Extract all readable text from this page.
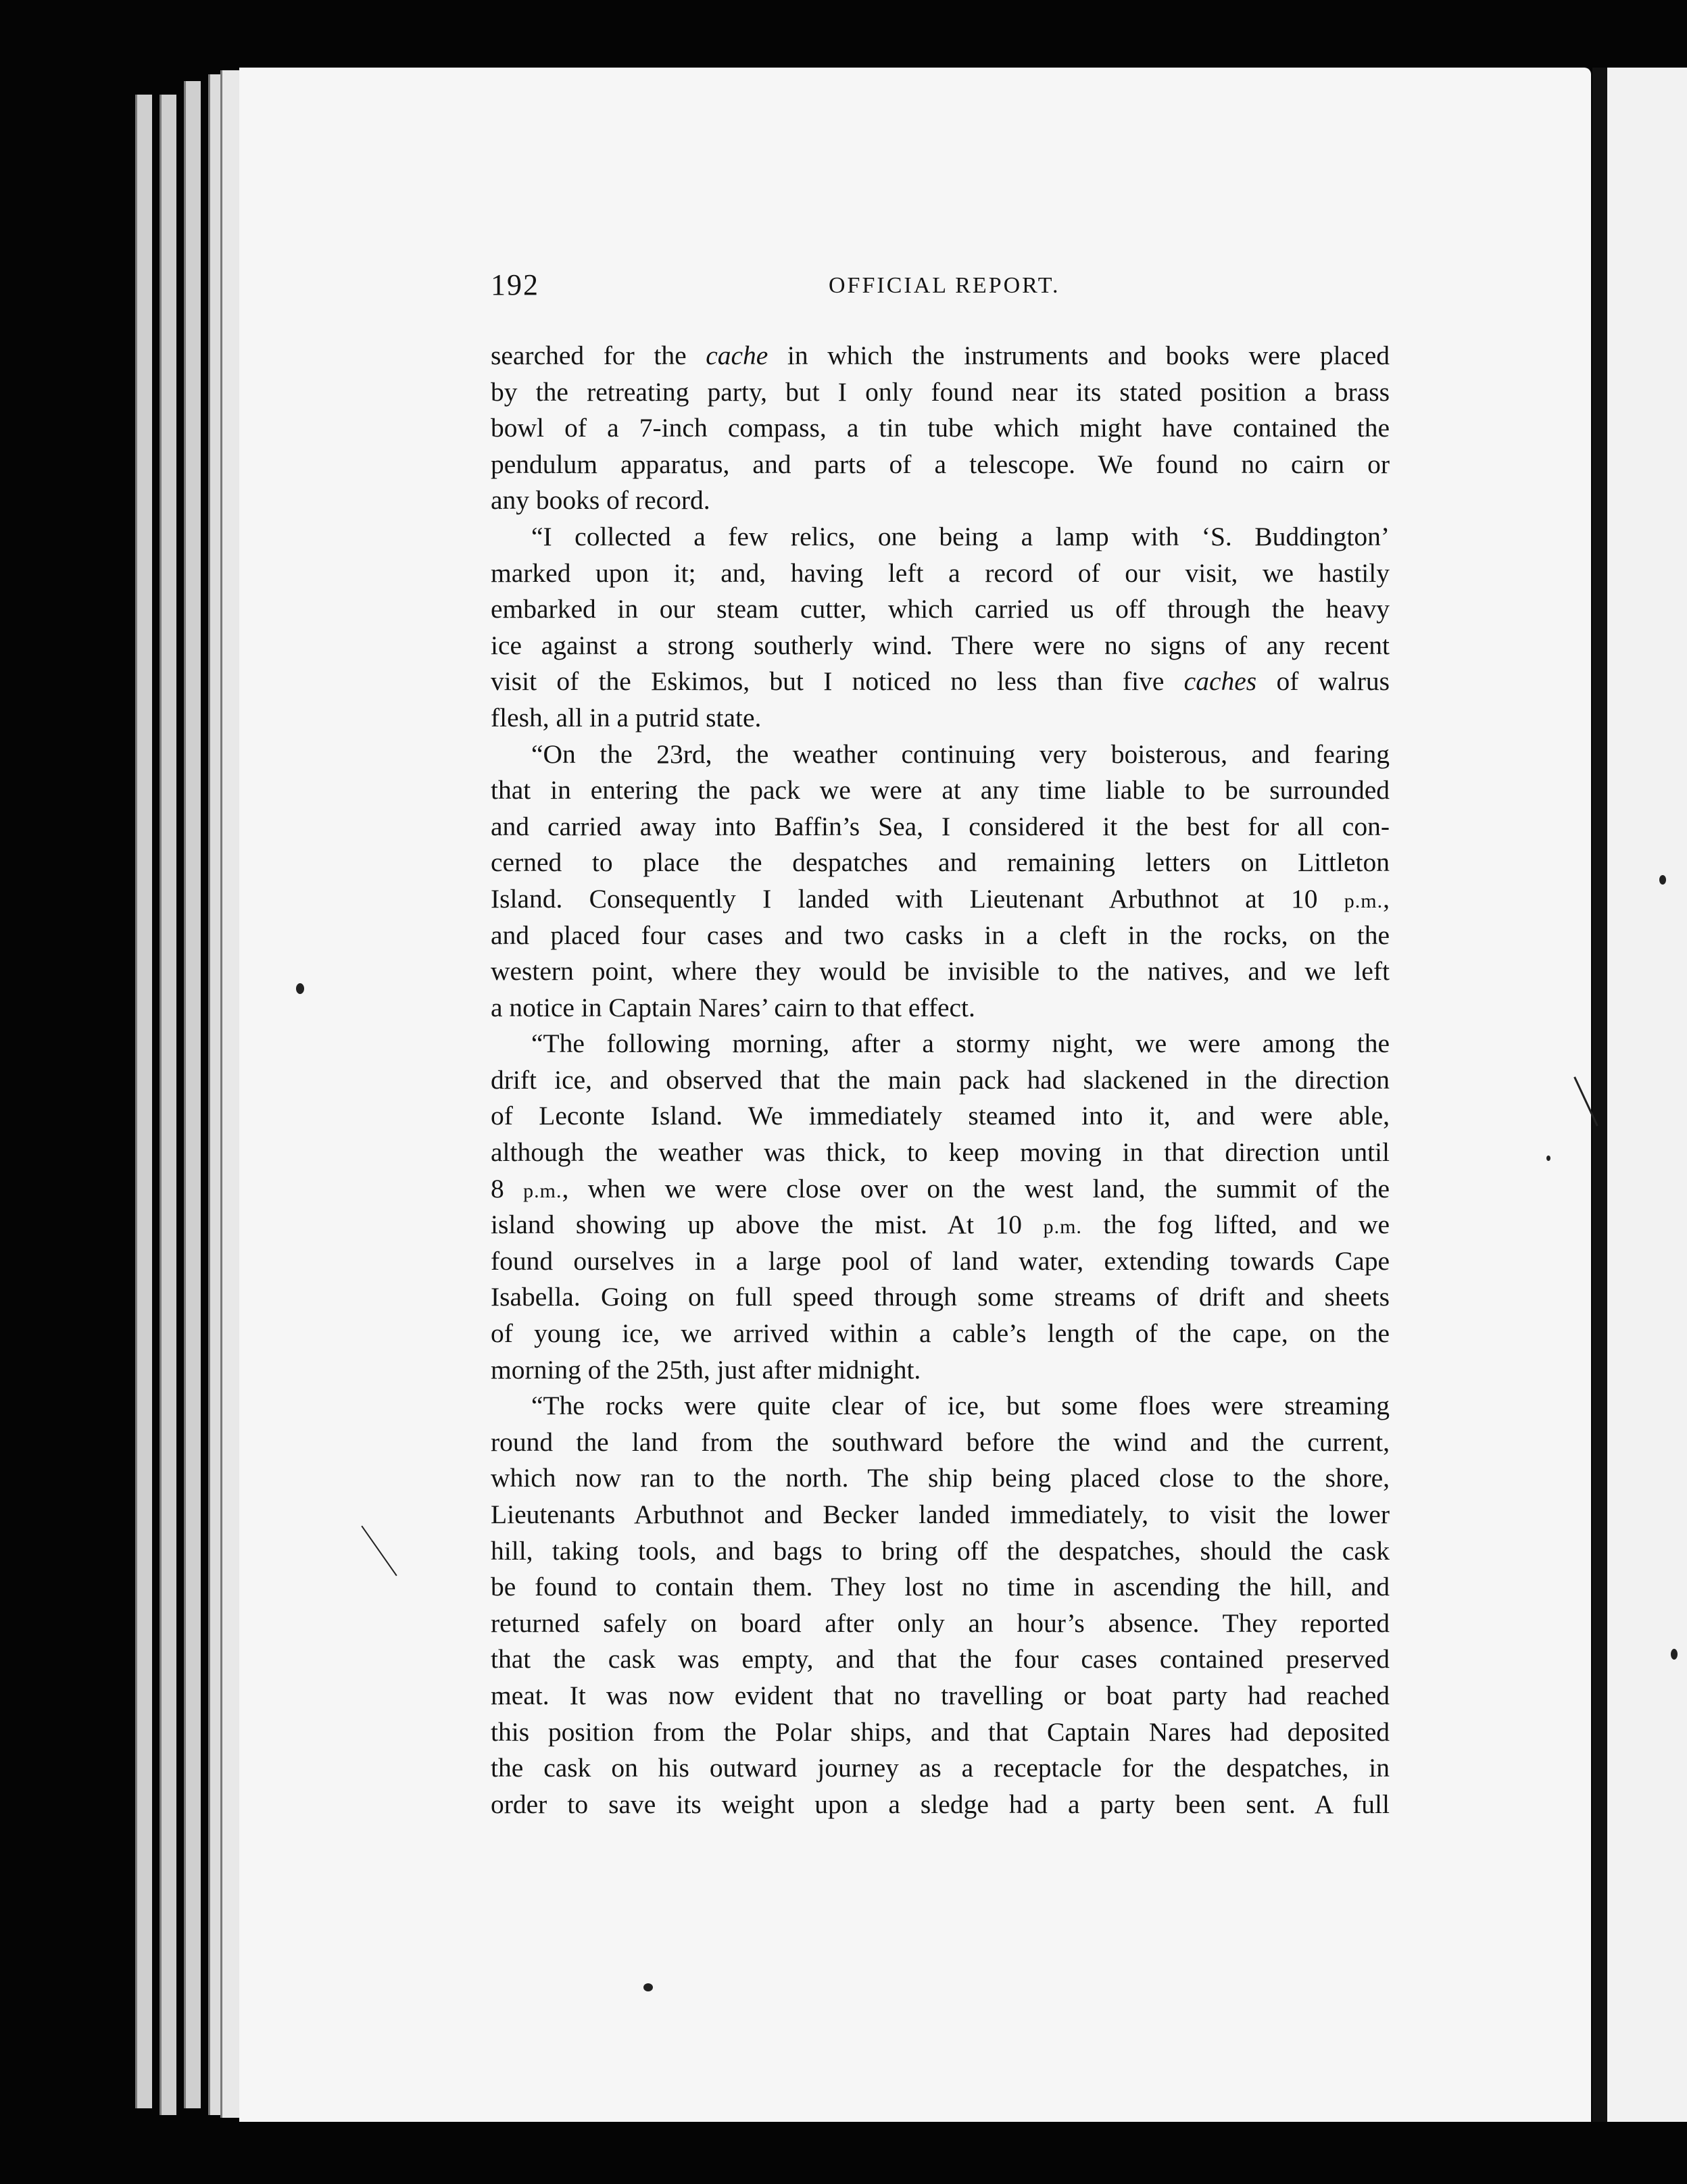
192	OFFICIAL REPORT.
searched for the cache in which the instruments and books were placed
by the retreating party, but I only found near its stated position a brass
bowl of a 7-inch compass, a tin tube which might have contained the
pendulum apparatus, and parts of a telescope. We found no cairn or
any books of record.
“I collected a few relics, one being a lamp with ‘S. Buddington’
marked upon it; and, having left a record of our visit, we hastily
embarked in our steam cutter, which carried us off through the heavy
ice against a strong southerly wind. There were no signs of any recent
visit of the Eskimos, but I noticed no less than five caches of walrus
flesh, all in a putrid state.
“On the 23rd, the weather continuing very boisterous, and fearing
that in entering the pack we were at any time liable to be surrounded
and carried away into Baffin’s Sea, I considered it the best for all con-
cerned to place the despatches and remaining letters on Littleton
Island. Consequently I landed with Lieutenant Arbuthnot at 10 p.m.,
and placed four cases and two casks in a cleft in the rocks, on the
western point, where they would be invisible to the natives, and we left
a notice in Captain Nares’ cairn to that effect.
“The following morning, after a stormy night, we were among the
drift ice, and observed that the main pack had slackened in the direction
of Leconte Island. We immediately steamed into it, and were able,
although the weather was thick, to keep moving in that direction until
8 p.m., when we were close over on the west land, the summit of the
island showing up above the mist. At 10 p.m. the fog lifted, and we
found ourselves in a large pool of land water, extending towards Cape
Isabella. Going on full speed through some streams of drift and sheets
of young ice, we arrived within a cable’s length of the cape, on the
morning of the 25th, just after midnight.
“The rocks were quite clear of ice, but some floes were streaming
round the land from the southward before the wind and the current,
which now ran to the north. The ship being placed close to the shore,
Lieutenants Arbuthnot and Becker landed immediately, to visit the lower
hill, taking tools, and bags to bring off the despatches, should the cask
be found to contain them. They lost no time in ascending the hill, and
returned safely on board after only an hour’s absence. They reported
that the cask was empty, and that the four cases contained preserved
meat. It was now evident that no travelling or boat party had reached
this position from the Polar ships, and that Captain Nares had deposited
the cask on his outward journey as a receptacle for the despatches, in
order to save its weight upon a sledge had a party been sent. A full
